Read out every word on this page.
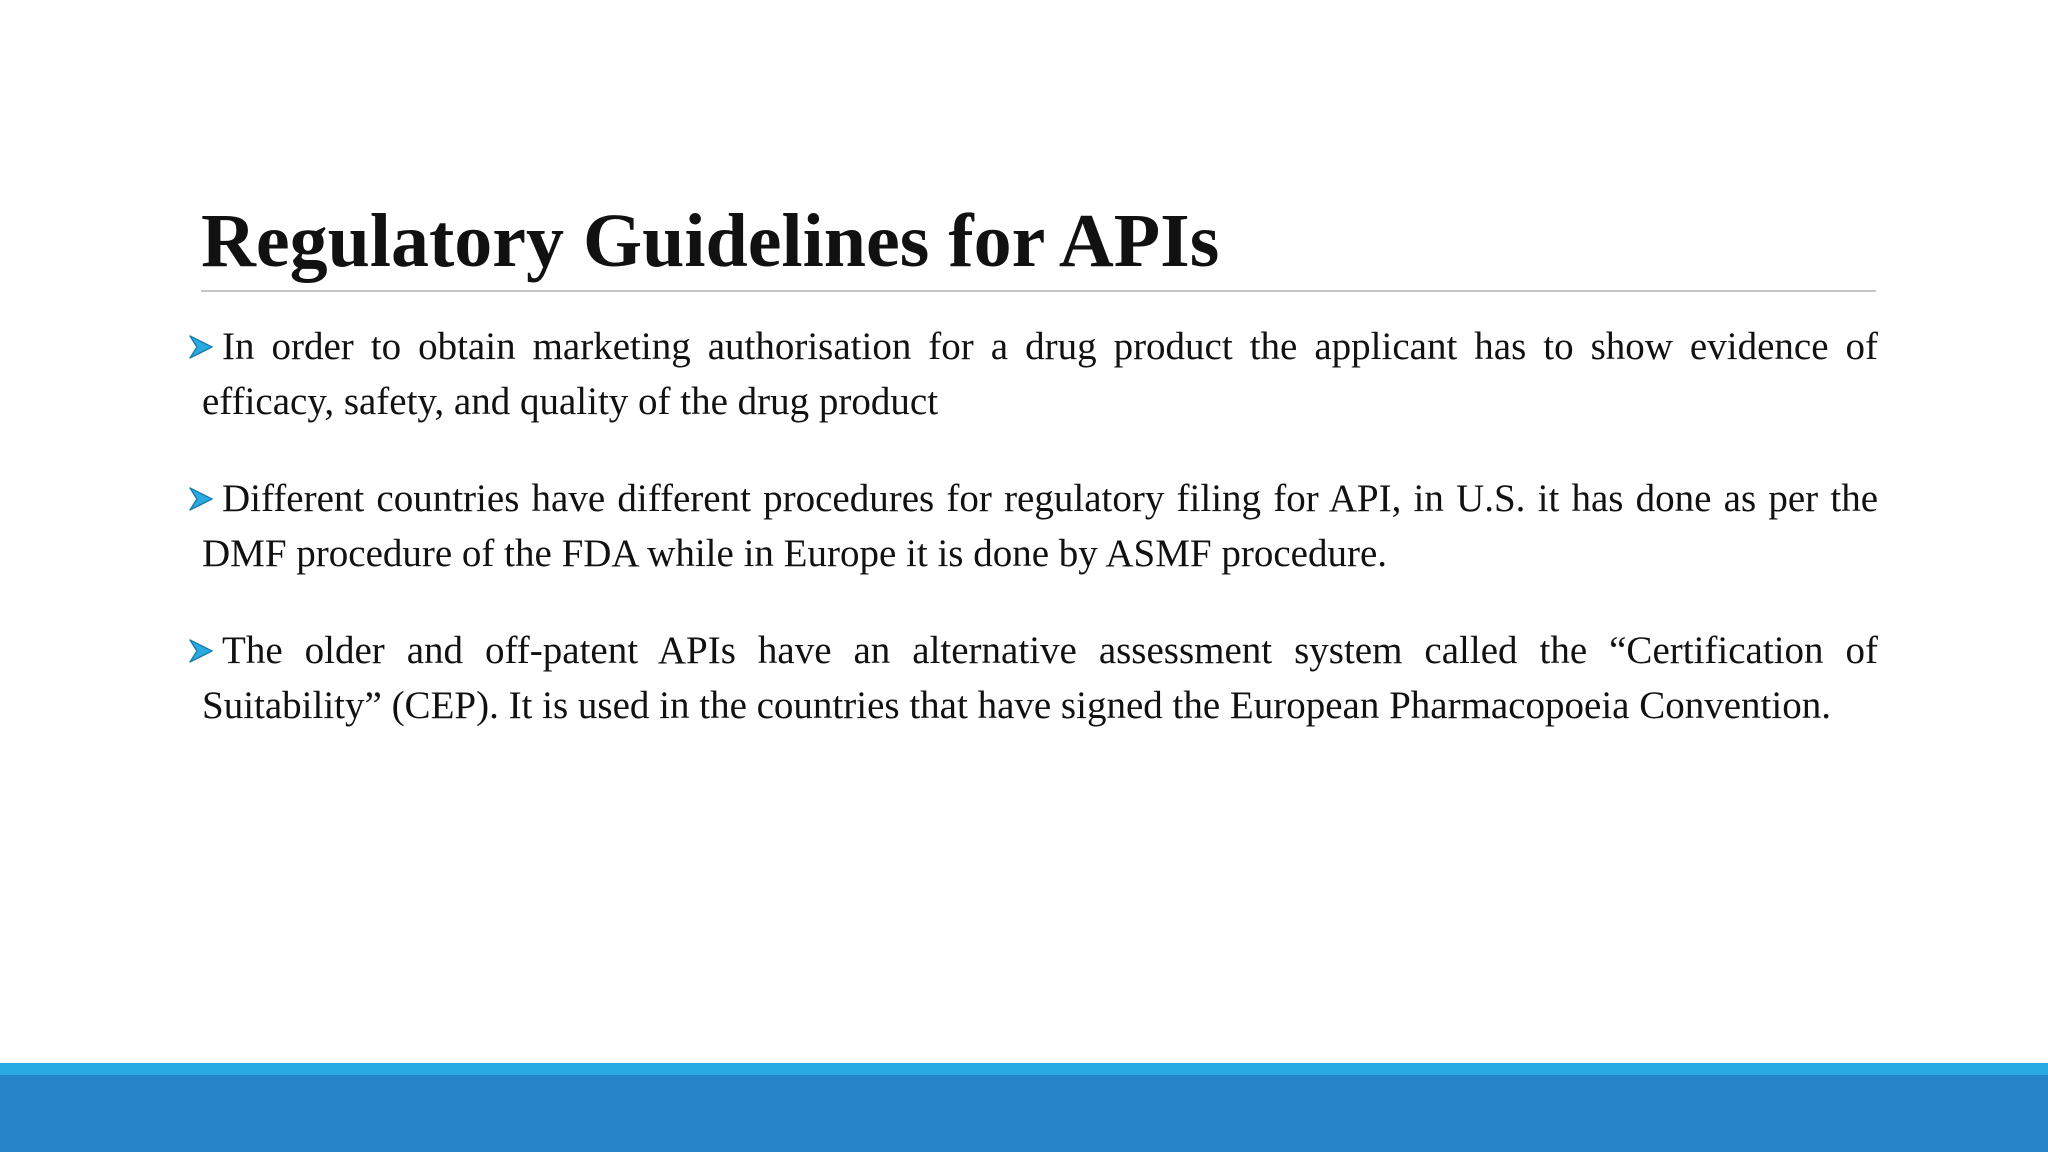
Regulatory Guidelines for APIs
In order to obtain marketing authorisation for a drug product the applicant has to show evidence of efficacy, safety, and quality of the drug product
Different countries have different procedures for regulatory filing for API, in U.S. it has done as per the DMF procedure of the FDA while in Europe it is done by ASMF procedure.
The older and off-patent APIs have an alternative assessment system called the “Certification of Suitability” (CEP). It is used in the countries that have signed the European Pharmacopoeia Convention.
